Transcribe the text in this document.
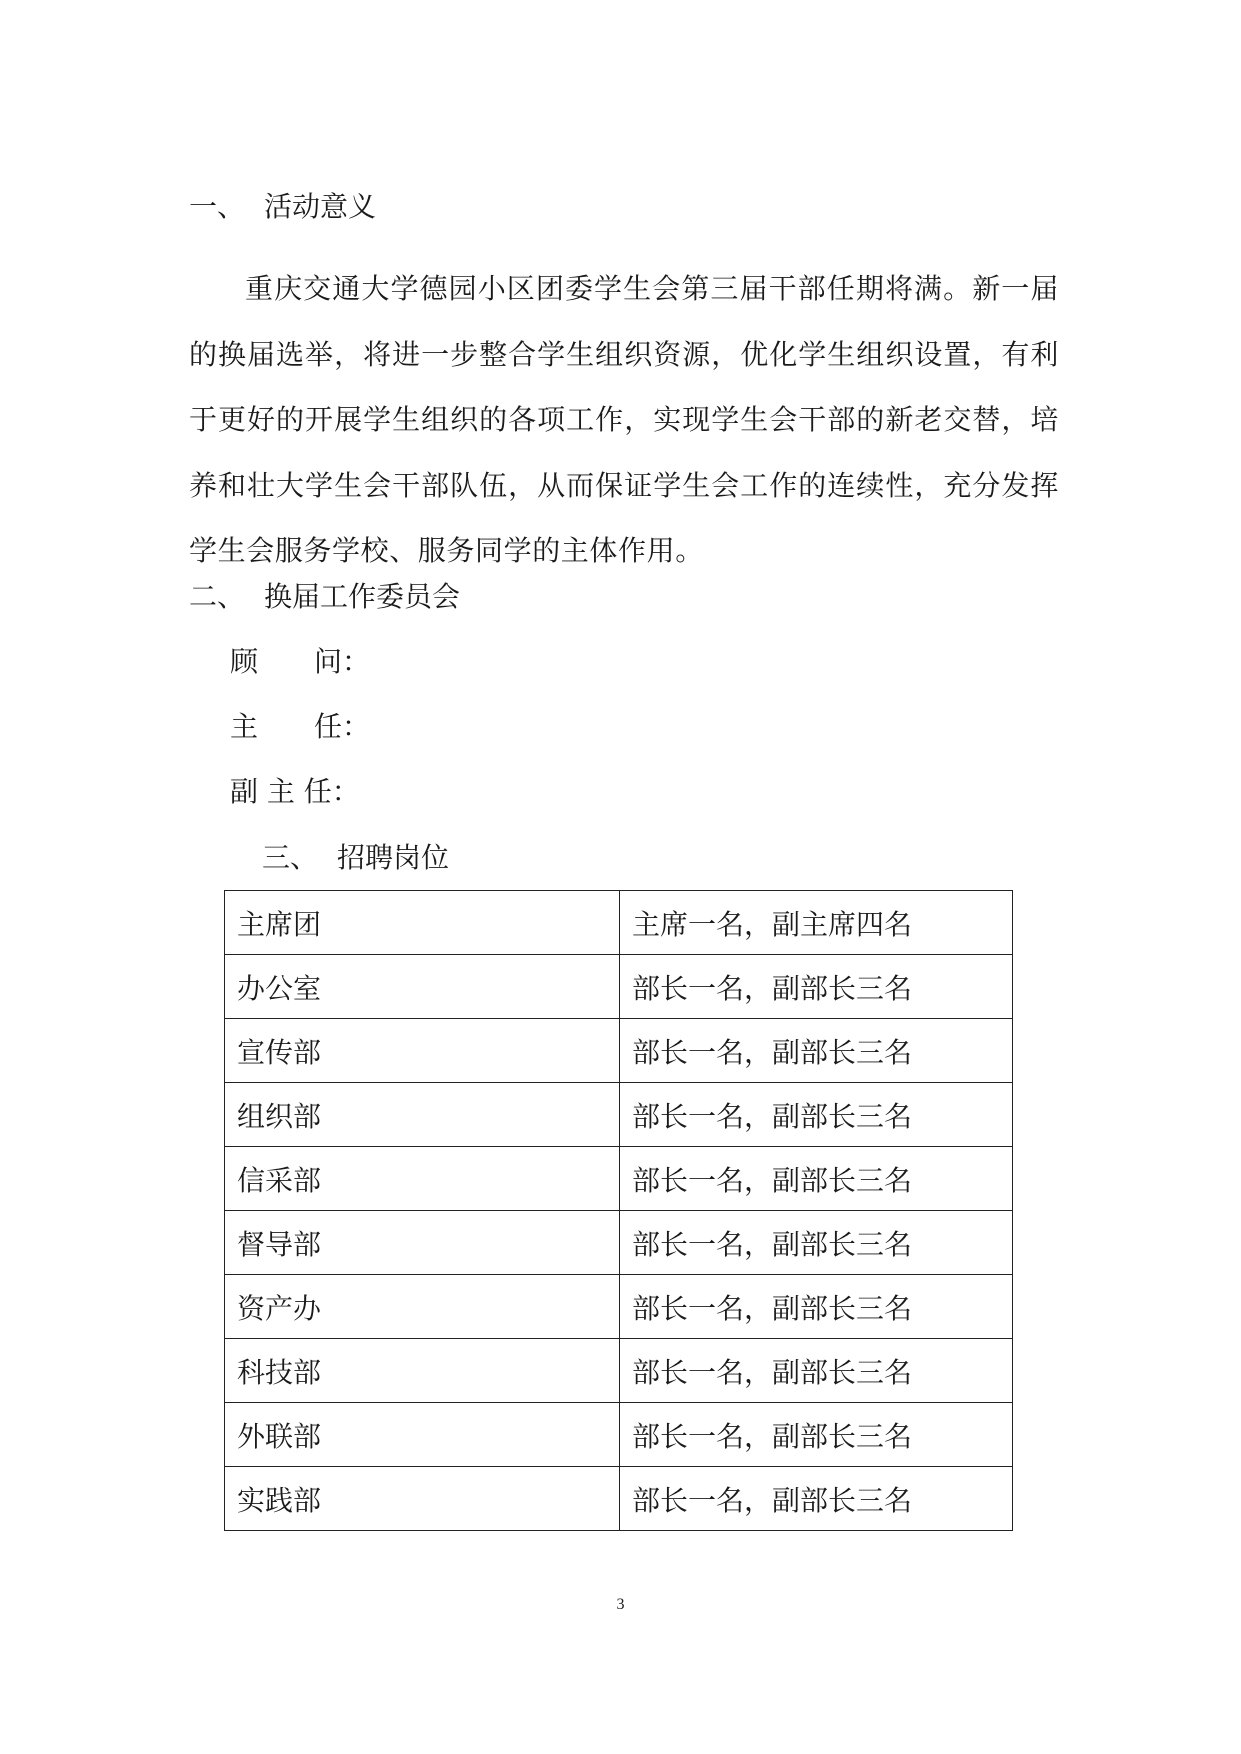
一、 活动意义
重庆交通大学德园小区团委学生会第三届干部任期将满。新一届的换届选举，将进一步整合学生组织资源，优化学生组织设置，有利于更好的开展学生组织的各项工作，实现学生会干部的新老交替，培养和壮大学生会干部队伍，从而保证学生会工作的连续性，充分发挥学生会服务学校、服务同学的主体作用。
二、 换届工作委员会
顾　　问：
主　　任：
副 主 任：
三、 招聘岗位
主席团	主席一名，副主席四名
办公室	部长一名，副部长三名
宣传部	部长一名，副部长三名
组织部	部长一名，副部长三名
信采部	部长一名，副部长三名
督导部	部长一名，副部长三名
资产办	部长一名，副部长三名
科技部	部长一名，副部长三名
外联部	部长一名，副部长三名
实践部	部长一名，副部长三名
3
